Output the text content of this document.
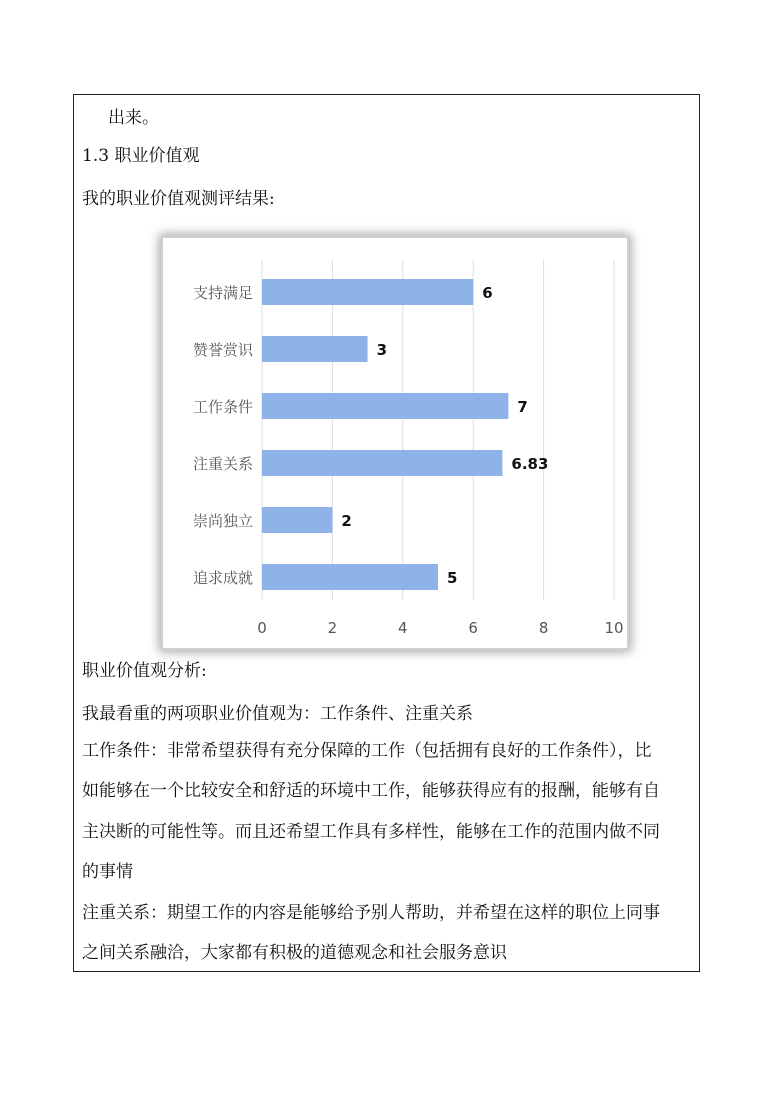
出来。
1.3 职业价值观
我的职业价值观测评结果:
0	2	4	6	8	10
支持满足	6
赞誉赏识	3
工作条件	7
注重关系	6.83
崇尚独立	2
追求成就	5
职业价值观分析:
我最看重的两项职业价值观为：工作条件、注重关系
工作条件：非常希望获得有充分保障的工作（包括拥有良好的工作条件），比
如能够在一个比较安全和舒适的环境中工作，能够获得应有的报酬，能够有自
主决断的可能性等。而且还希望工作具有多样性，能够在工作的范围内做不同
的事情
注重关系：期望工作的内容是能够给予别人帮助，并希望在这样的职位上同事
之间关系融洽，大家都有积极的道德观念和社会服务意识
